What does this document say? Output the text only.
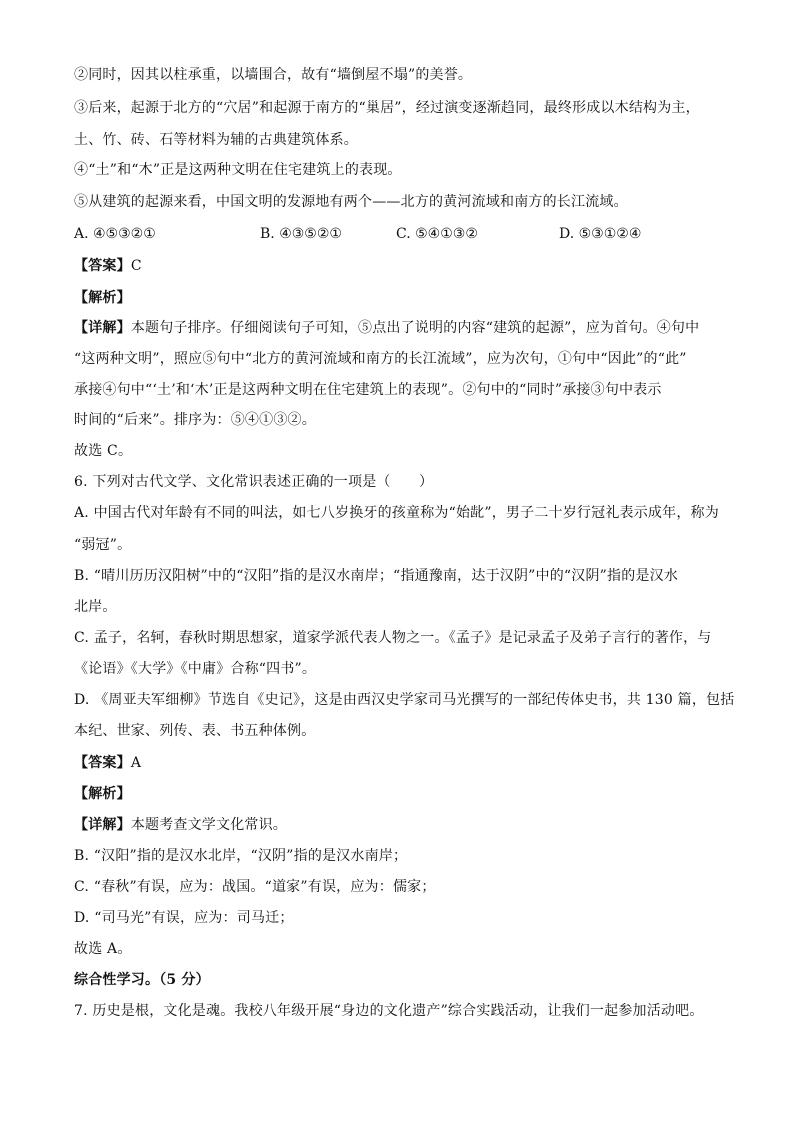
②同时，因其以柱承重，以墙围合，故有“墙倒屋不塌”的美誉。
③后来，起源于北方的“穴居”和起源于南方的“巢居”，经过演变逐渐趋同，最终形成以木结构为主，
土、竹、砖、石等材料为辅的古典建筑体系。
④“土”和“木”正是这两种文明在住宅建筑上的表现。
⑤从建筑的起源来看，中国文明的发源地有两个——北方的黄河流域和南方的长江流域。
A. ④⑤③②①	B. ④③⑤②①	C. ⑤④①③②	D. ⑤③①②④
【答案】C
【解析】
【详解】本题句子排序。仔细阅读句子可知，⑤点出了说明的内容“建筑的起源”，应为首句。④句中
“这两种文明”，照应⑤句中“北方的黄河流域和南方的长江流域”，应为次句，①句中“因此”的“此”
承接④句中“‘土’和‘木’正是这两种文明在住宅建筑上的表现”。②句中的“同时”承接③句中表示
时间的“后来”。排序为：⑤④①③②。
故选 C。
6. 下列对古代文学、文化常识表述正确的一项是（　　）
A. 中国古代对年龄有不同的叫法，如七八岁换牙的孩童称为“始龀”，男子二十岁行冠礼表示成年，称为
“弱冠”。
B. “晴川历历汉阳树”中的“汉阳”指的是汉水南岸；“指通豫南，达于汉阴”中的“汉阴”指的是汉水
北岸。
C. 孟子，名轲，春秋时期思想家，道家学派代表人物之一。《孟子》是记录孟子及弟子言行的著作，与
《论语》《大学》《中庸》合称“四书”。
D. 《周亚夫军细柳》节选自《史记》，这是由西汉史学家司马光撰写的一部纪传体史书，共 130 篇，包括
本纪、世家、列传、表、书五种体例。
【答案】A
【解析】
【详解】本题考查文学文化常识。
B. “汉阳”指的是汉水北岸，“汉阴”指的是汉水南岸；
C. “春秋”有误，应为：战国。“道家”有误，应为：儒家；
D. “司马光”有误，应为：司马迁；
故选 A。
综合性学习。（5 分）
7. 历史是根，文化是魂。我校八年级开展“身边的文化遗产”综合实践活动，让我们一起参加活动吧。
